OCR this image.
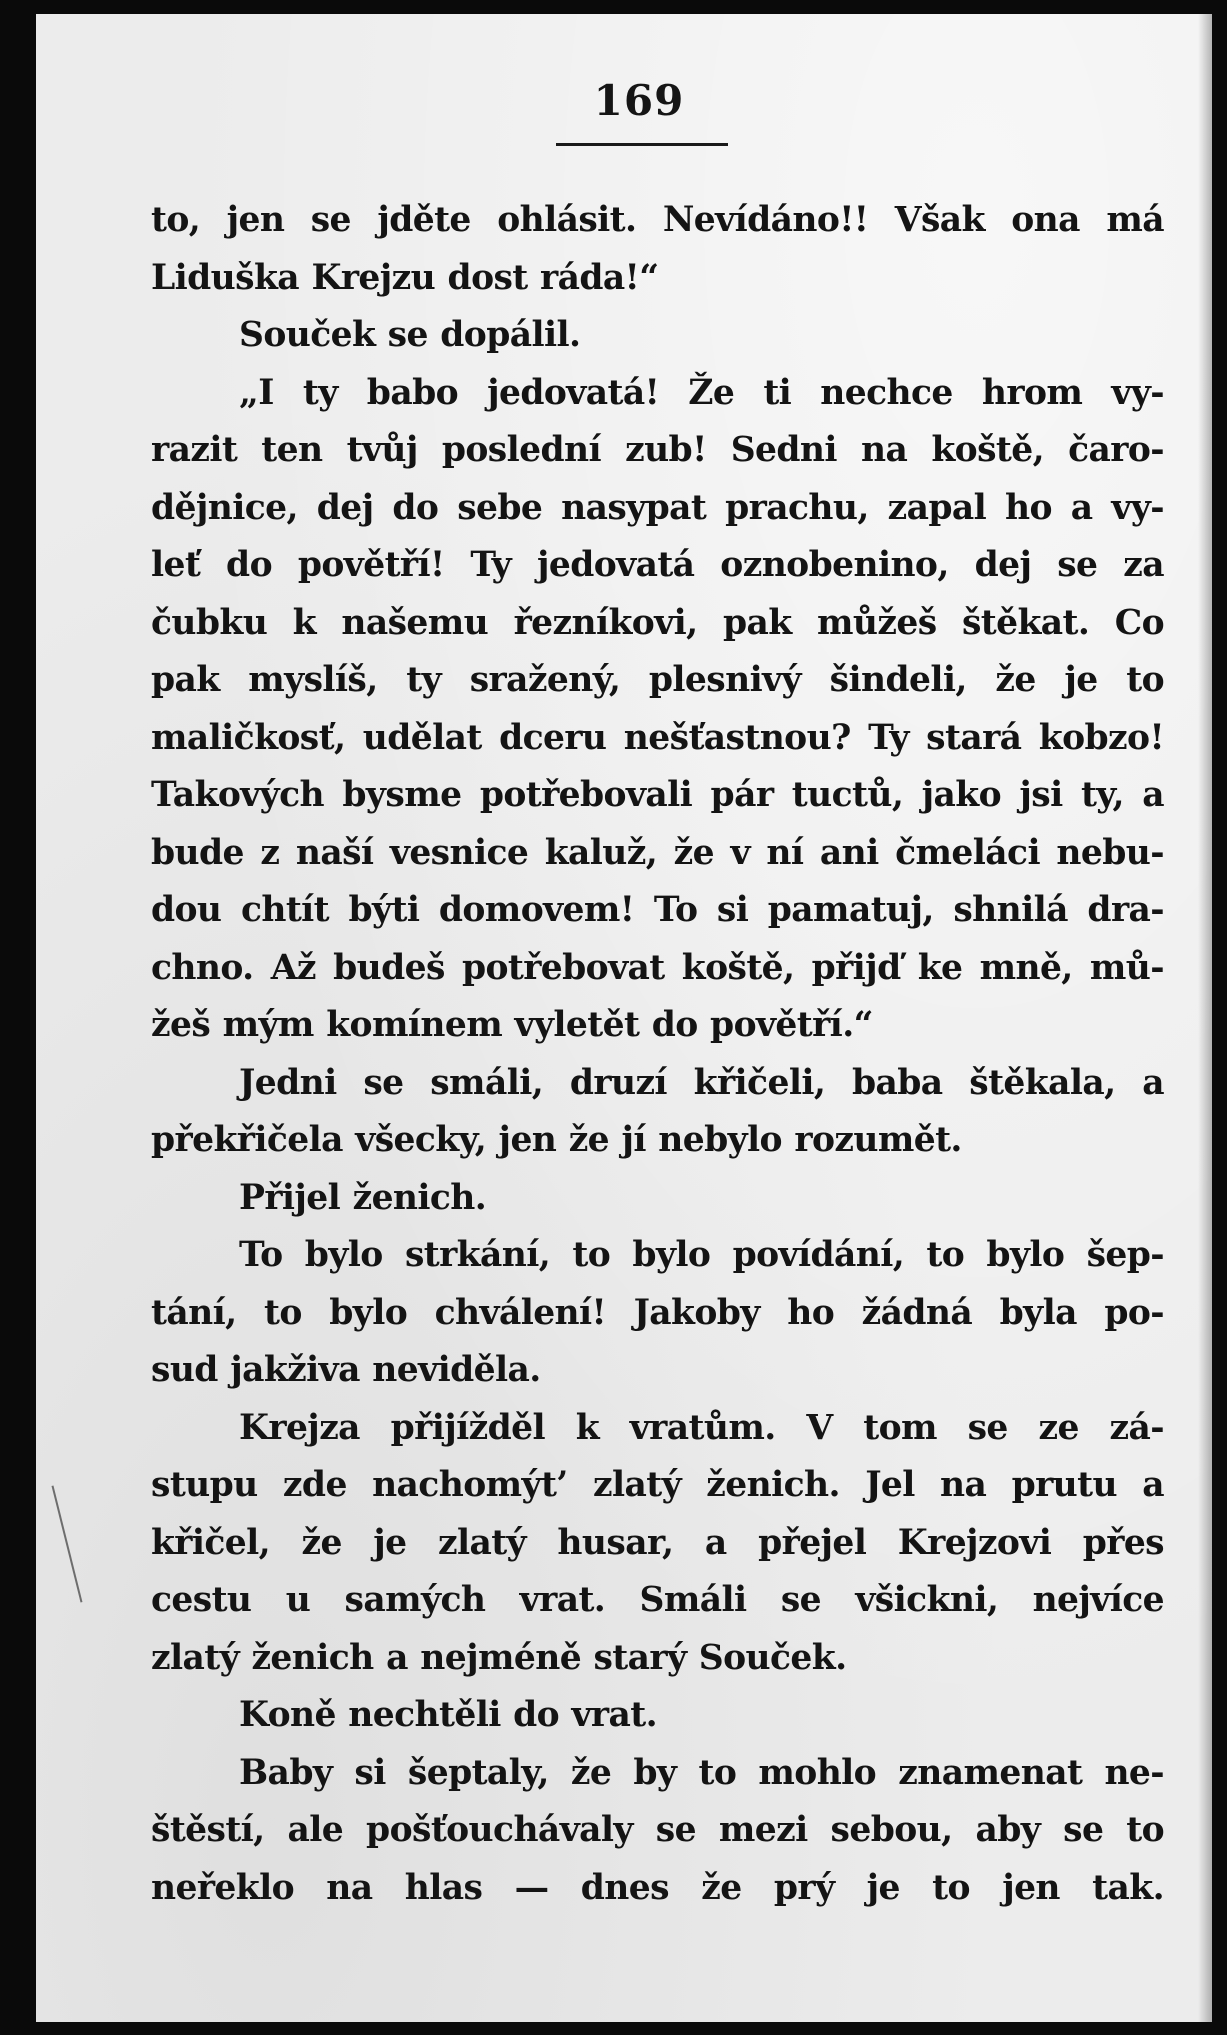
169
to, jen se jděte ohlásit. Nevídáno!! Však ona má
Liduška Krejzu dost ráda!“
Souček se dopálil.
„I ty babo jedovatá! Že ti nechce hrom vy-
razit ten tvůj poslední zub! Sedni na koště, čaro-
dějnice, dej do sebe nasypat prachu, zapal ho a vy-
leť do povětří! Ty jedovatá oznobenino, dej se za
čubku k našemu řezníkovi, pak můžeš štěkat. Co
pak myslíš, ty sražený, plesnivý šindeli, že je to
maličkosť, udělat dceru nešťastnou? Ty stará kobzo!
Takových bysme potřebovali pár tuctů, jako jsi ty, a
bude z naší vesnice kaluž, že v ní ani čmeláci nebu-
dou chtít býti domovem! To si pamatuj, shnilá dra-
chno. Až budeš potřebovat koště, přijď ke mně, mů-
žeš mým komínem vyletět do povětří.“
Jedni se smáli, druzí křičeli, baba štěkala, a
překřičela všecky, jen že jí nebylo rozumět.
Přijel ženich.
To bylo strkání, to bylo povídání, to bylo šep-
tání, to bylo chválení! Jakoby ho žádná byla po-
sud jakživa neviděla.
Krejza přijížděl k vratům. V tom se ze zá-
stupu zde nachomýt’ zlatý ženich. Jel na prutu a
křičel, že je zlatý husar, a přejel Krejzovi přes
cestu u samých vrat. Smáli se všickni, nejvíce
zlatý ženich a nejméně starý Souček.
Koně nechtěli do vrat.
Baby si šeptaly, že by to mohlo znamenat ne-
štěstí, ale pošťouchávaly se mezi sebou, aby se to
neřeklo na hlas — dnes že prý je to jen tak.
